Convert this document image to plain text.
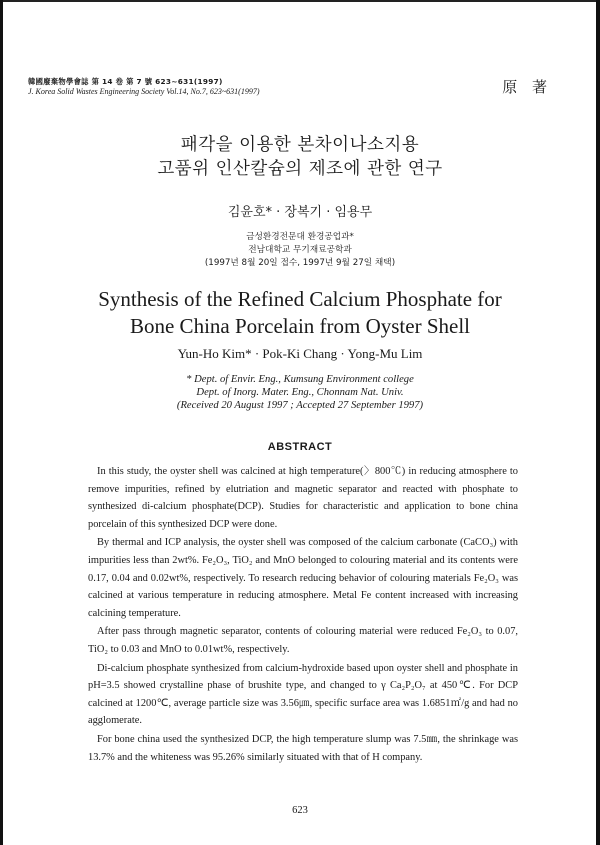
韓國廢棄物學會誌 第 14 卷 第 7 號 623~631(1997)
J. Korea Solid Wastes Engineering Society Vol.14, No.7, 623~631(1997)	原 著
패각을 이용한 본차이나소지용
고품위 인산칼슘의 제조에 관한 연구
김윤호* · 장복기 · 임용무
금성환경전문대 환경공업과*
전남대학교 무기재료공학과
(1997년 8월 20일 접수, 1997년 9월 27일 채택)
Synthesis of the Refined Calcium Phosphate for
Bone China Porcelain from Oyster Shell
Yun-Ho Kim* · Pok-Ki Chang · Yong-Mu Lim
* Dept. of Envir. Eng., Kumsung Environment college
Dept. of Inorg. Mater. Eng., Chonnam Nat. Univ.
(Received 20 August 1997 ; Accepted 27 September 1997)
ABSTRACT

In this study, the oyster shell was calcined at high temperature(〉800℃) in reducing atmosphere to remove impurities, refined by elutriation and magnetic separator and reacted with phosphate to synthesized di-calcium phosphate(DCP). Studies for characteristic and application to bone china porcelain of this synthesized DCP were done.

By thermal and ICP analysis, the oyster shell was composed of the calcium carbonate (CaCO₃) with impurities less than 2wt%. Fe₂O₃, TiO₂ and MnO belonged to colouring material and its contents were 0.17, 0.04 and 0.02wt%, respectively. To research reducing behavior of colouring materials Fe₂O₃ was calcined at various temperature in reducing atmosphere. Metal Fe content increased with increasing calcining temperature.

After pass through magnetic separator, contents of colouring material were reduced Fe₂O₃ to 0.07, TiO₂ to 0.03 and MnO to 0.01wt%, respectively.

Di-calcium phosphate synthesized from calcium-hydroxide based upon oyster shell and phosphate in pH=3.5 showed crystalline phase of brushite type, and changed to γ Ca₂P₂O₇ at 450℃. For DCP calcined at 1200℃, average particle size was 3.56㎛, specific surface area was 1.6851㎡/g and had no agglomerate.

For bone china used the synthesized DCP, the high temperature slump was 7.5㎜, the shrinkage was 13.7% and the whiteness was 95.26% similarly situated with that of H company.

623
